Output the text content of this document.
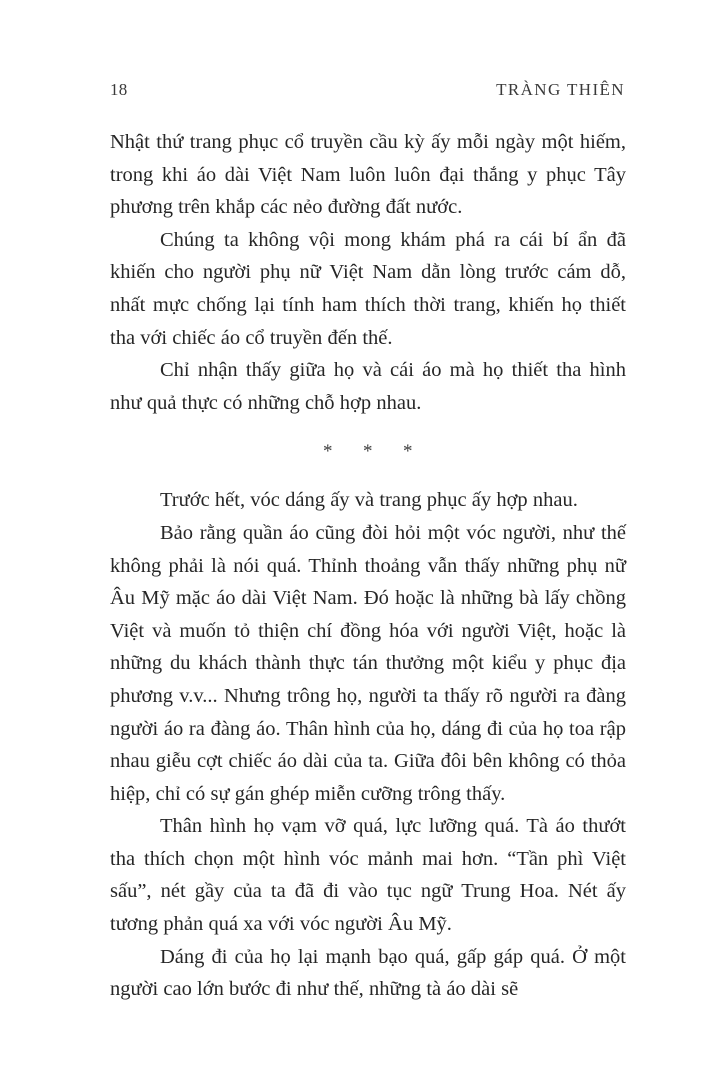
18	TRÀNG THIÊN

Nhật thứ trang phục cổ truyền cầu kỳ ấy mỗi ngày một hiếm, trong khi áo dài Việt Nam luôn luôn đại thắng y phục Tây phương trên khắp các nẻo đường đất nước.

Chúng ta không vội mong khám phá ra cái bí ẩn đã khiến cho người phụ nữ Việt Nam dằn lòng trước cám dỗ, nhất mực chống lại tính ham thích thời trang, khiến họ thiết tha với chiếc áo cổ truyền đến thế.

Chỉ nhận thấy giữa họ và cái áo mà họ thiết tha hình như quả thực có những chỗ hợp nhau.

* * *

Trước hết, vóc dáng ấy và trang phục ấy hợp nhau.

Bảo rằng quần áo cũng đòi hỏi một vóc người, như thế không phải là nói quá. Thỉnh thoảng vẫn thấy những phụ nữ Âu Mỹ mặc áo dài Việt Nam. Đó hoặc là những bà lấy chồng Việt và muốn tỏ thiện chí đồng hóa với người Việt, hoặc là những du khách thành thực tán thưởng một kiểu y phục địa phương v.v... Nhưng trông họ, người ta thấy rõ người ra đàng người áo ra đàng áo. Thân hình của họ, dáng đi của họ toa rập nhau giễu cợt chiếc áo dài của ta. Giữa đôi bên không có thỏa hiệp, chỉ có sự gán ghép miễn cưỡng trông thấy.

Thân hình họ vạm vỡ quá, lực lưỡng quá. Tà áo thướt tha thích chọn một hình vóc mảnh mai hơn. “Tần phì Việt sấu”, nét gầy của ta đã đi vào tục ngữ Trung Hoa. Nét ấy tương phản quá xa với vóc người Âu Mỹ.

Dáng đi của họ lại mạnh bạo quá, gấp gáp quá. Ở một người cao lớn bước đi như thế, những tà áo dài sẽ
